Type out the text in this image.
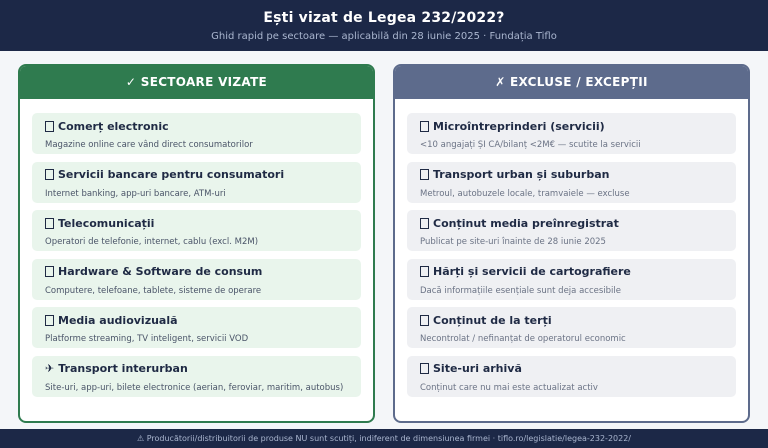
Ești vizat de Legea 232/2022?
Ghid rapid pe sectoare — aplicabilă din 28 iunie 2025 · Fundația Tiflo
✓ SECTOARE VIZATE
Comerț electronic
Magazine online care vând direct consumatorilor
Servicii bancare pentru consumatori
Internet banking, app-uri bancare, ATM-uri
Telecomunicații
Operatori de telefonie, internet, cablu (excl. M2M)
Hardware & Software de consum
Computere, telefoane, tablete, sisteme de operare
Media audiovizuală
Platforme streaming, TV inteligent, servicii VOD
✈ Transport interurban
Site-uri, app-uri, bilete electronice (aerian, feroviar, maritim, autobus)
✗ EXCLUSE / EXCEPȚII
Microîntreprinderi (servicii)
<10 angajați ȘI CA/bilanț <2M€ — scutite la servicii
Transport urban și suburban
Metroul, autobuzele locale, tramvaiele — excluse
Conținut media preînregistrat
Publicat pe site-uri înainte de 28 iunie 2025
Hărți și servicii de cartografiere
Dacă informațiile esențiale sunt deja accesibile
Conținut de la terți
Necontrolat / nefinanțat de operatorul economic
Site-uri arhivă
Conținut care nu mai este actualizat activ
⚠ Producătorii/distribuitorii de produse NU sunt scutiți, indiferent de dimensiunea firmei · tiflo.ro/legislatie/legea-232-2022/
